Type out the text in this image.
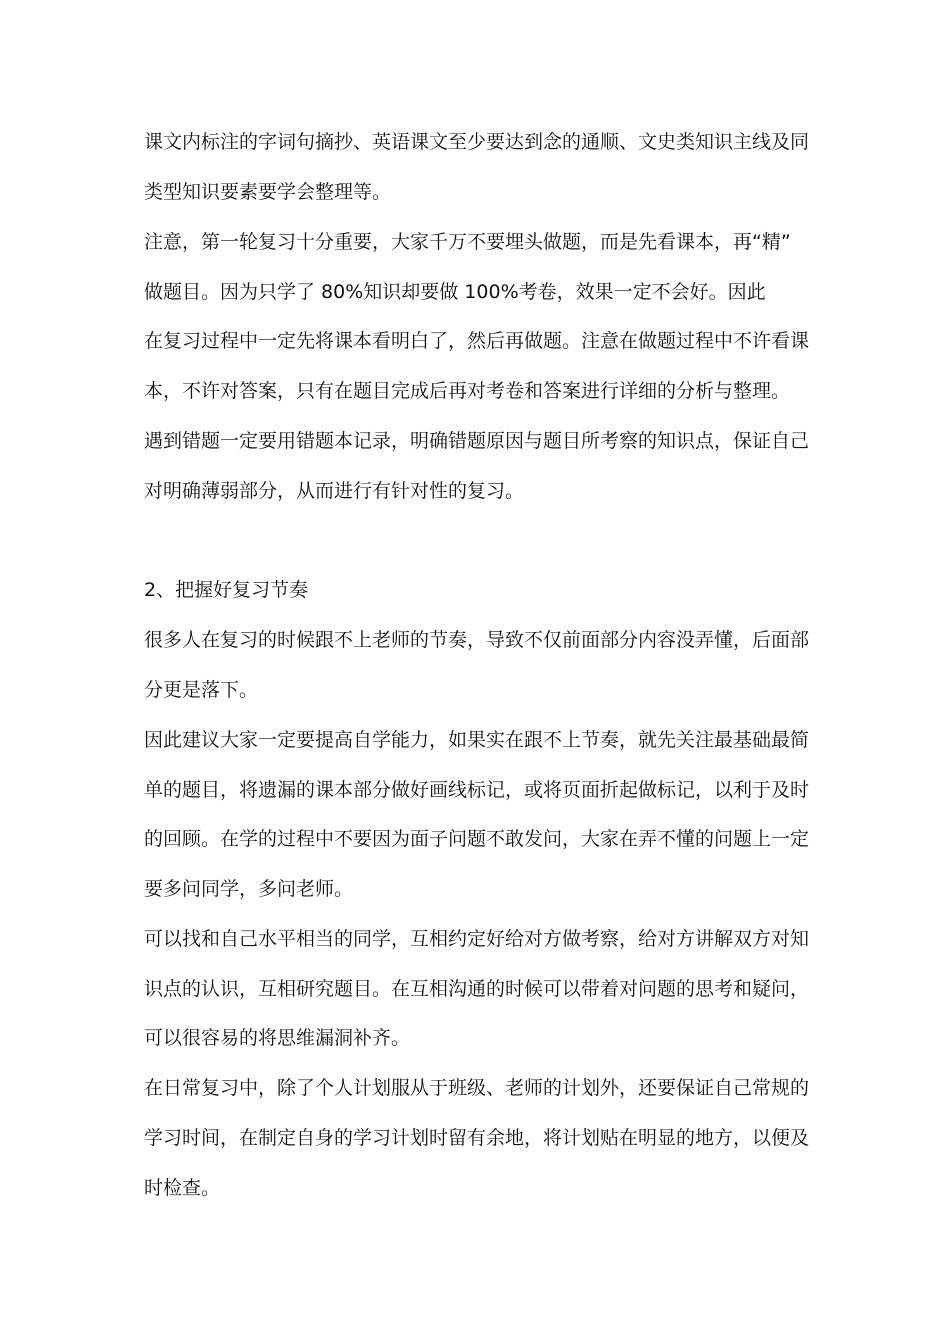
课文内标注的字词句摘抄、英语课文至少要达到念的通顺、文史类知识主线及同
类型知识要素要学会整理等。
注意，第一轮复习十分重要，大家千万不要埋头做题，而是先看课本，再“精”
做题目。因为只学了 80%知识却要做 100%考卷，效果一定不会好。因此
在复习过程中一定先将课本看明白了，然后再做题。注意在做题过程中不许看课
本，不许对答案，只有在题目完成后再对考卷和答案进行详细的分析与整理。
遇到错题一定要用错题本记录，明确错题原因与题目所考察的知识点，保证自己
对明确薄弱部分，从而进行有针对性的复习。
2、把握好复习节奏
很多人在复习的时候跟不上老师的节奏，导致不仅前面部分内容没弄懂，后面部
分更是落下。
因此建议大家一定要提高自学能力，如果实在跟不上节奏，就先关注最基础最简
单的题目，将遗漏的课本部分做好画线标记，或将页面折起做标记，以利于及时
的回顾。在学的过程中不要因为面子问题不敢发问，大家在弄不懂的问题上一定
要多问同学，多问老师。
可以找和自己水平相当的同学，互相约定好给对方做考察，给对方讲解双方对知
识点的认识，互相研究题目。在互相沟通的时候可以带着对问题的思考和疑问，
可以很容易的将思维漏洞补齐。
在日常复习中，除了个人计划服从于班级、老师的计划外，还要保证自己常规的
学习时间，在制定自身的学习计划时留有余地，将计划贴在明显的地方，以便及
时检查。
